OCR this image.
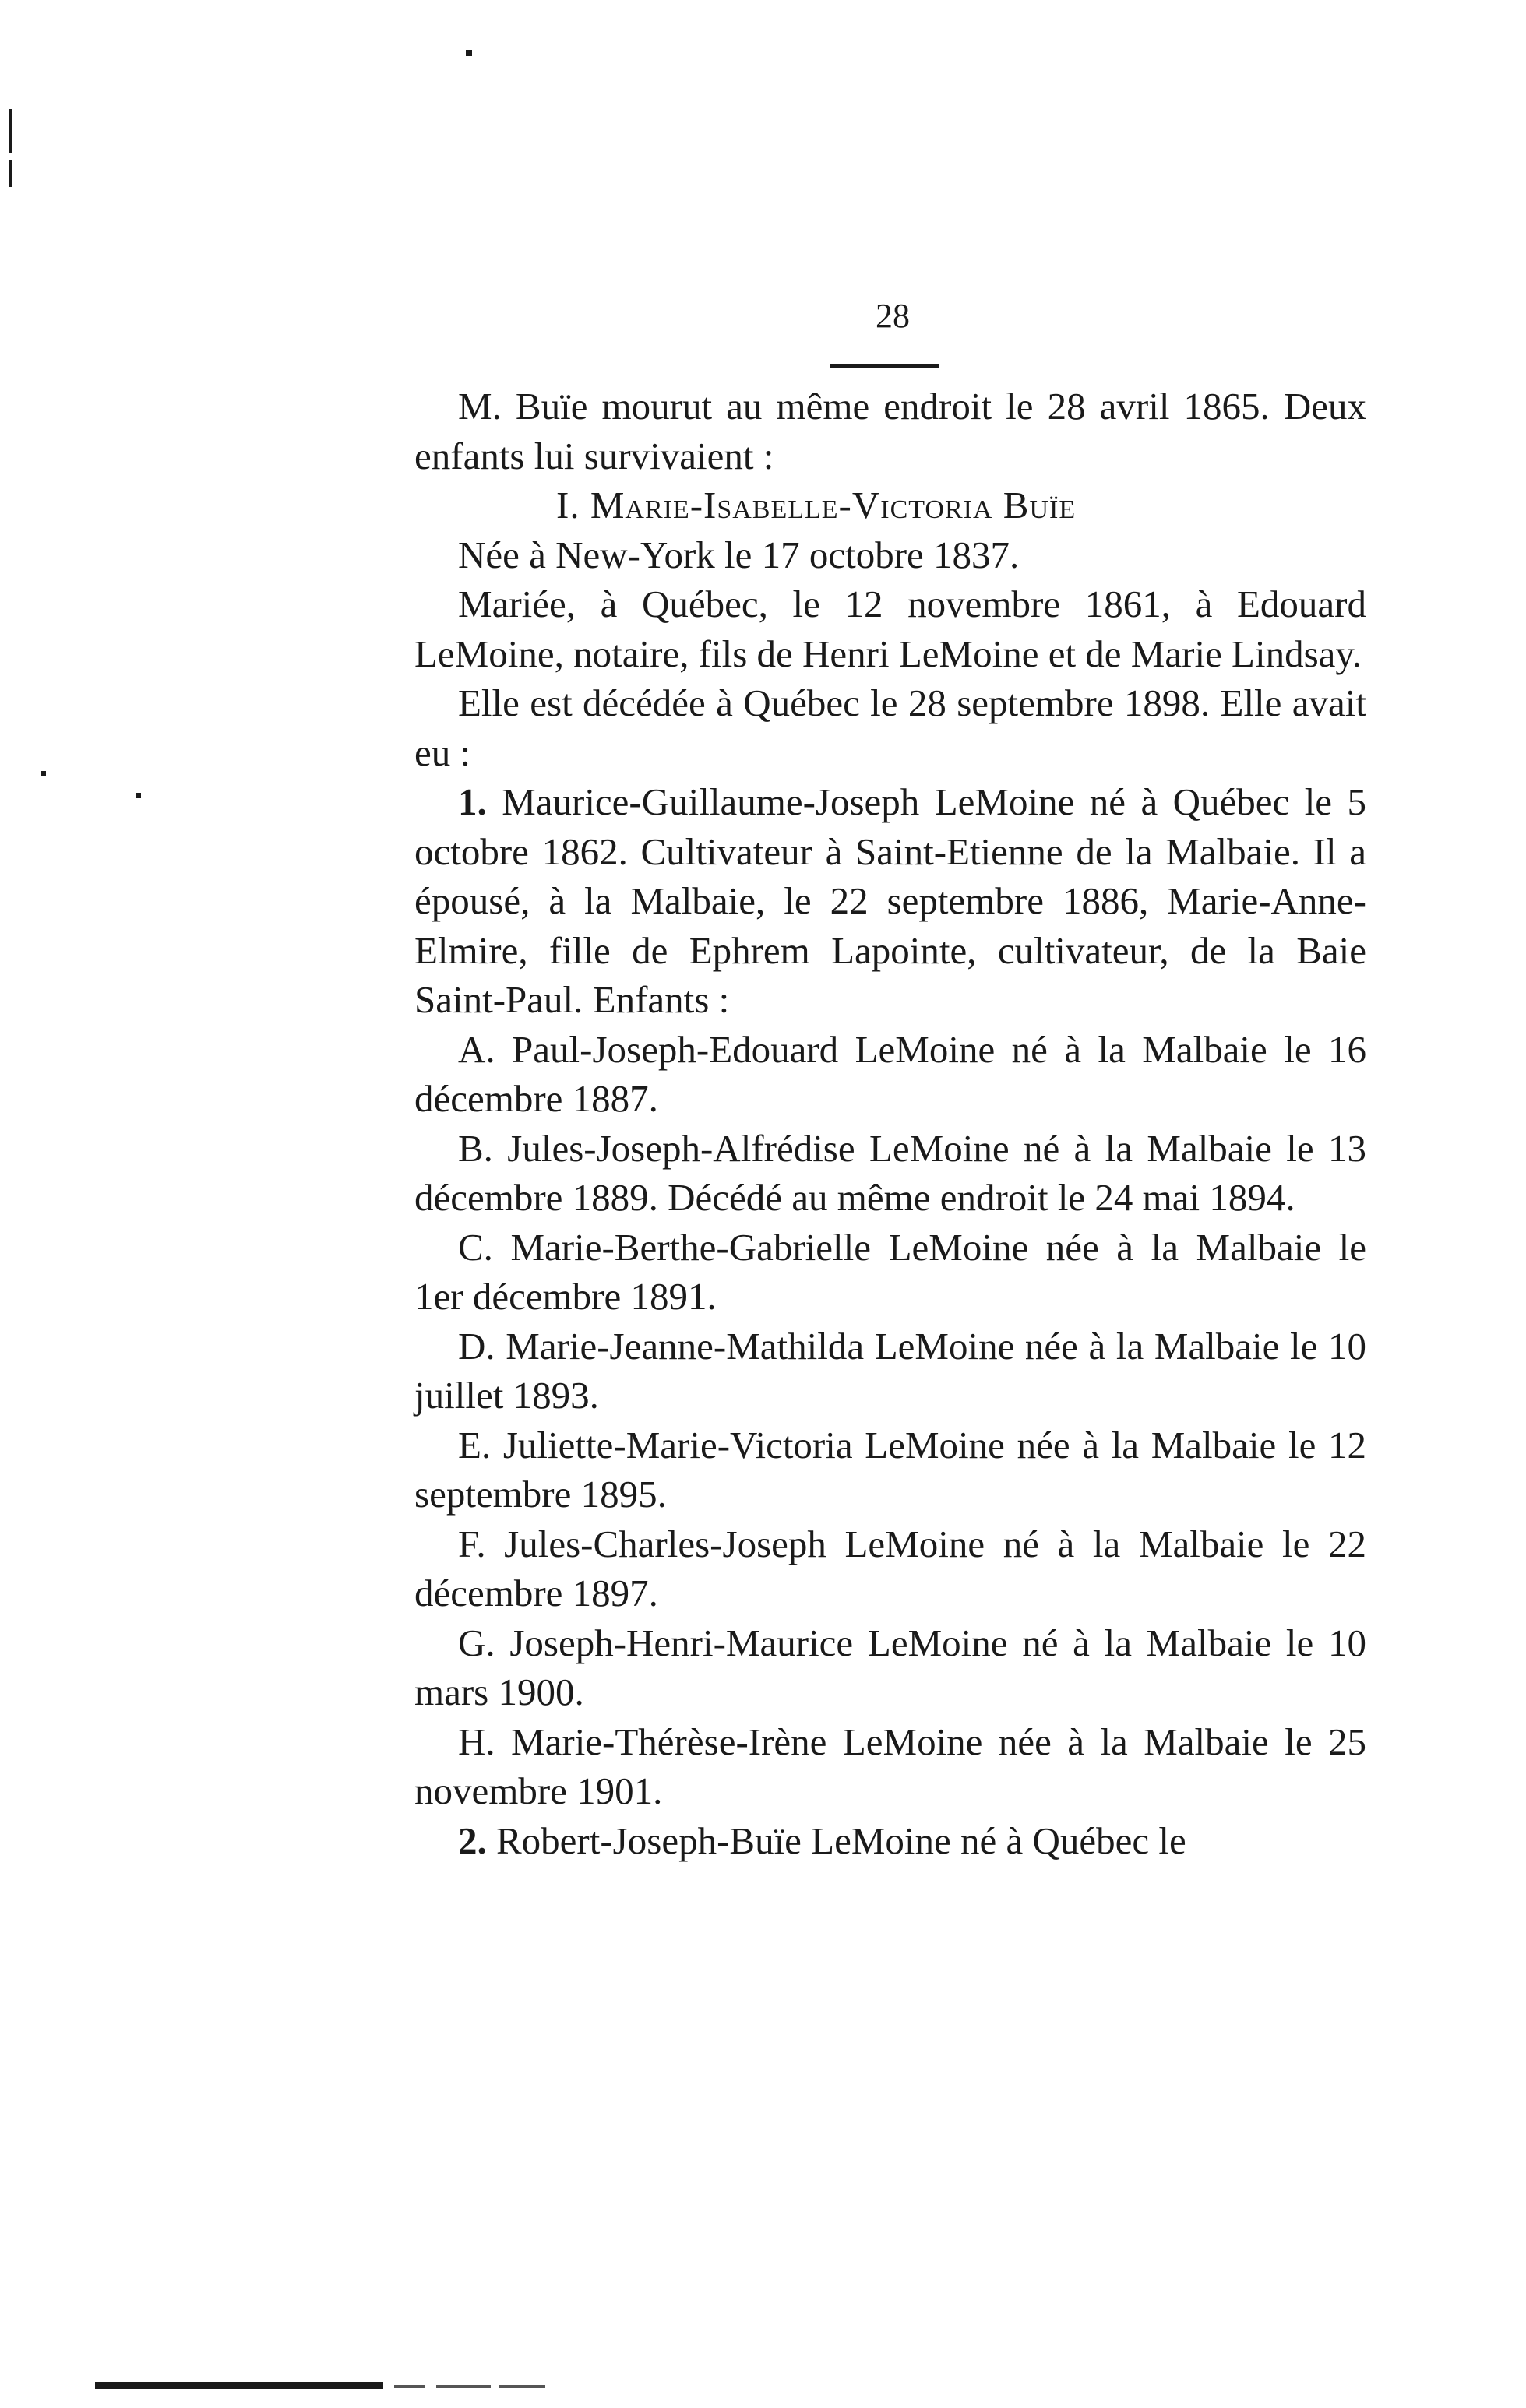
28

M. Buïe mourut au même endroit le 28 avril 1865. Deux enfants lui survivaient :

I. Marie-Isabelle-Victoria Buïe

Née à New-York le 17 octobre 1837.

Mariée, à Québec, le 12 novembre 1861, à Edouard LeMoine, notaire, fils de Henri LeMoine et de Marie Lindsay.

Elle est décédée à Québec le 28 septembre 1898. Elle avait eu :

1. Maurice-Guillaume-Joseph LeMoine né à Québec le 5 octobre 1862. Cultivateur à Saint-Etienne de la Malbaie. Il a épousé, à la Malbaie, le 22 septembre 1886, Marie-Anne-Elmire, fille de Ephrem Lapointe, cultivateur, de la Baie Saint-Paul. Enfants :

A. Paul-Joseph-Edouard LeMoine né à la Malbaie le 16 décembre 1887.

B. Jules-Joseph-Alfrédise LeMoine né à la Malbaie le 13 décembre 1889. Décédé au même endroit le 24 mai 1894.

C. Marie-Berthe-Gabrielle LeMoine née à la Malbaie le 1er décembre 1891.

D. Marie-Jeanne-Mathilda LeMoine née à la Malbaie le 10 juillet 1893.

E. Juliette-Marie-Victoria LeMoine née à la Malbaie le 12 septembre 1895.

F. Jules-Charles-Joseph LeMoine né à la Malbaie le 22 décembre 1897.

G. Joseph-Henri-Maurice LeMoine né à la Malbaie le 10 mars 1900.

H. Marie-Thérèse-Irène LeMoine née à la Malbaie le 25 novembre 1901.

2. Robert-Joseph-Buïe LeMoine né à Québec le
